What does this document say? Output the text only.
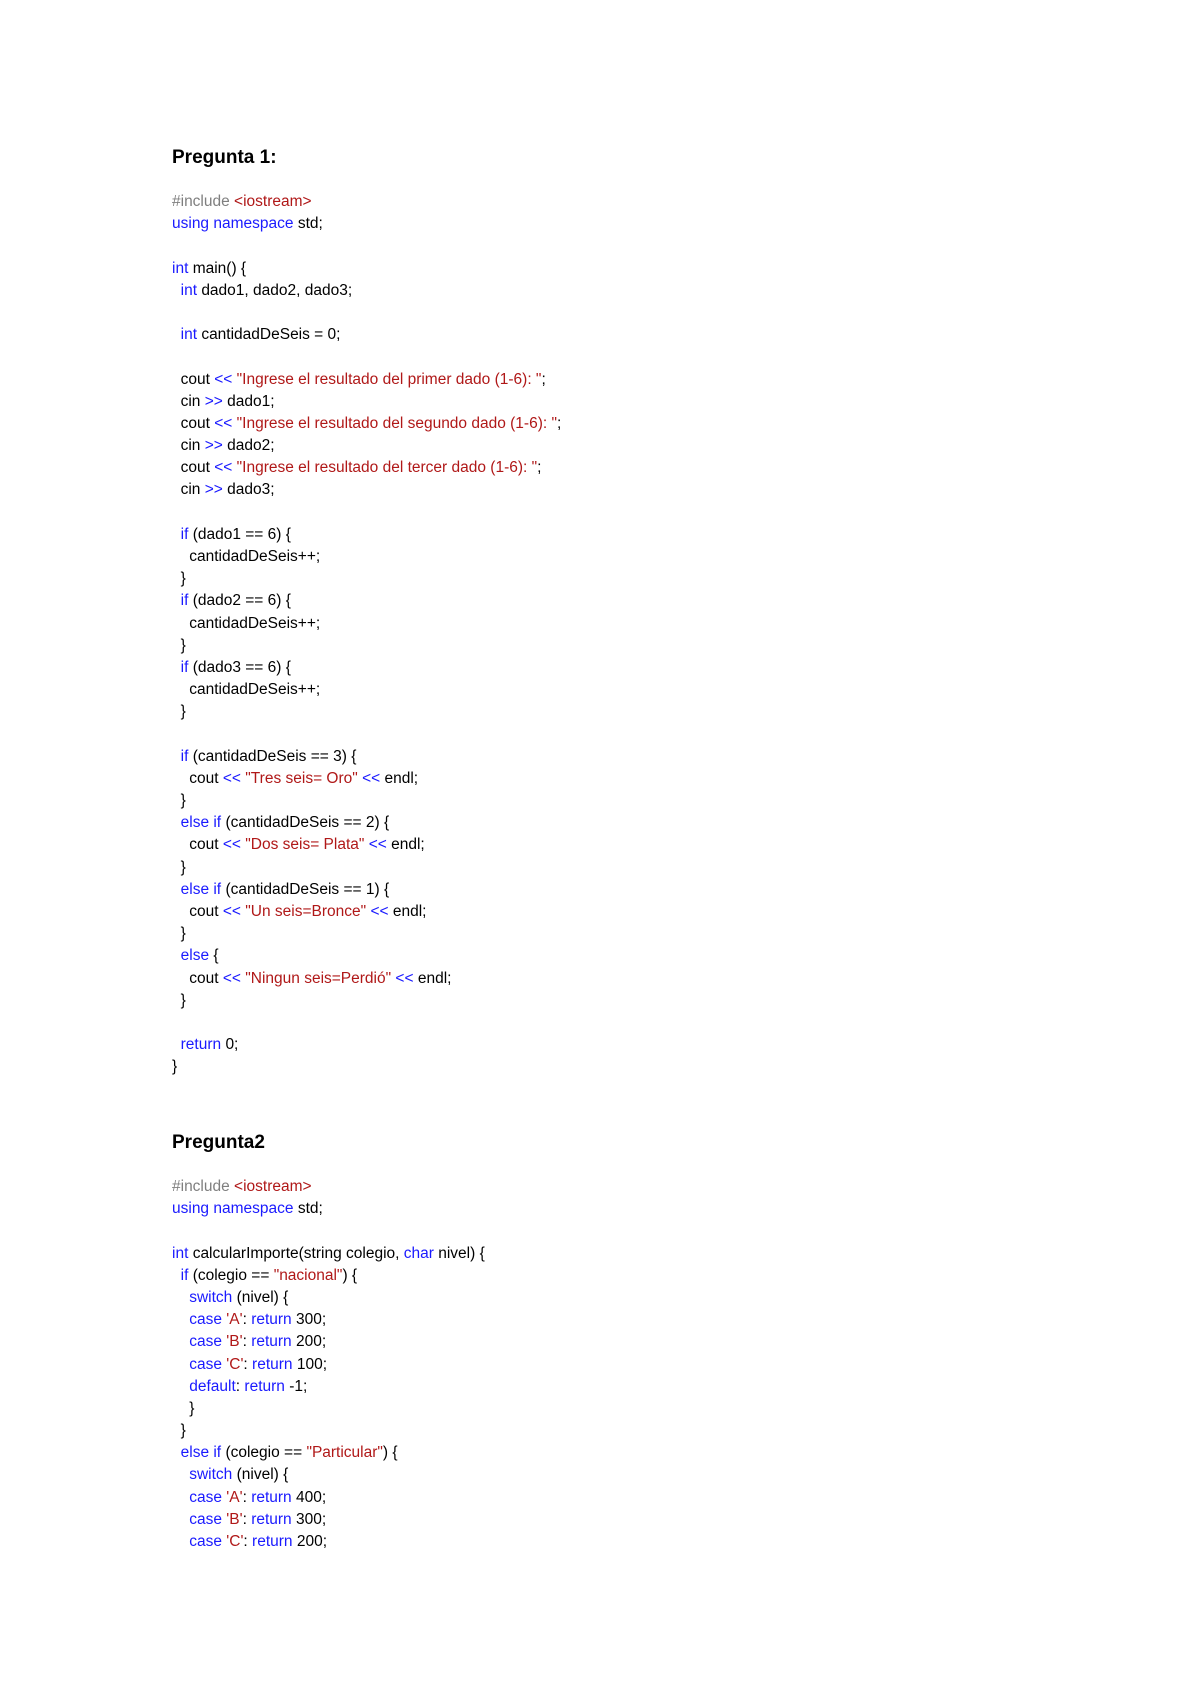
Pregunta 1:
#include <iostream>
using namespace std;

int main() {
int dado1, dado2, dado3;

int cantidadDeSeis = 0;

cout << "Ingrese el resultado del primer dado (1-6): ";
cin >> dado1;
cout << "Ingrese el resultado del segundo dado (1-6): ";
cin >> dado2;
cout << "Ingrese el resultado del tercer dado (1-6): ";
cin >> dado3;

if (dado1 == 6) {
cantidadDeSeis++;
}
if (dado2 == 6) {
cantidadDeSeis++;
}
if (dado3 == 6) {
cantidadDeSeis++;
}

if (cantidadDeSeis == 3) {
cout << "Tres seis= Oro" << endl;
}
else if (cantidadDeSeis == 2) {
cout << "Dos seis= Plata" << endl;
}
else if (cantidadDeSeis == 1) {
cout << "Un seis=Bronce" << endl;
}
else {
cout << "Ningun seis=Perdió" << endl;
}

return 0;
}
Pregunta2
#include <iostream>
using namespace std;

int calcularImporte(string colegio, char nivel) {
if (colegio == "nacional") {
switch (nivel) {
case 'A': return 300;
case 'B': return 200;
case 'C': return 100;
default: return -1;
}
}
else if (colegio == "Particular") {
switch (nivel) {
case 'A': return 400;
case 'B': return 300;
case 'C': return 200;
